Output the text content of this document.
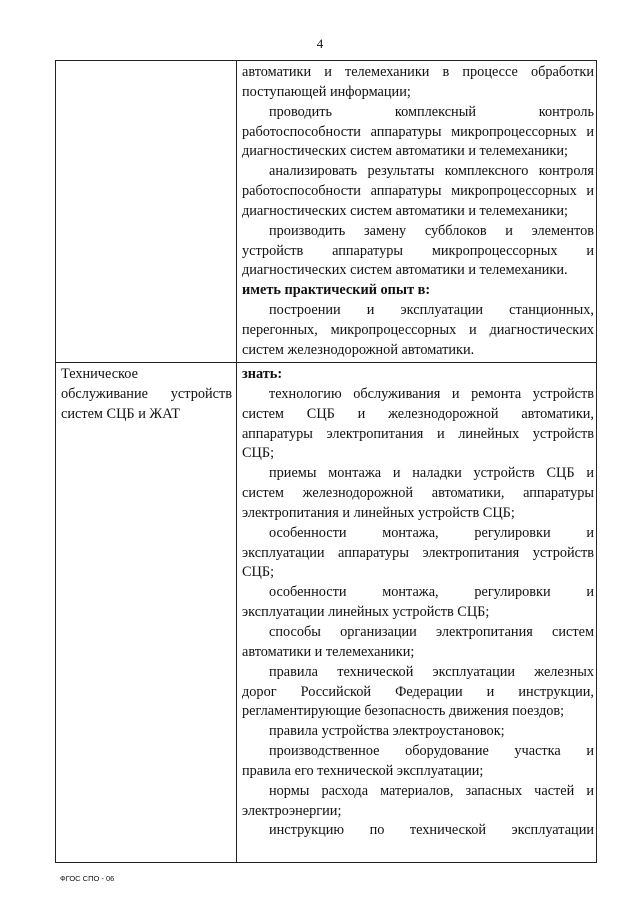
4
автоматики и телемеханики в процессе обработки
поступающей информации;
проводить комплексный контроль
работоспособности аппаратуры микропроцессорных и
диагностических систем автоматики и телемеханики;
анализировать результаты комплексного контроля
работоспособности аппаратуры микропроцессорных и
диагностических систем автоматики и телемеханики;
производить замену субблоков и элементов
устройств аппаратуры микропроцессорных и
диагностических систем автоматики и телемеханики.
иметь практический опыт в:
построении и эксплуатации станционных,
перегонных, микропроцессорных и диагностических
систем железнодорожной автоматики.
Техническое
обслуживание устройств
систем СЦБ и ЖАТ
знать:
технологию обслуживания и ремонта устройств
систем СЦБ и железнодорожной автоматики,
аппаратуры электропитания и линейных устройств
СЦБ;
приемы монтажа и наладки устройств СЦБ и
систем железнодорожной автоматики, аппаратуры
электропитания и линейных устройств СЦБ;
особенности монтажа, регулировки и
эксплуатации аппаратуры электропитания устройств
СЦБ;
особенности монтажа, регулировки и
эксплуатации линейных устройств СЦБ;
способы организации электропитания систем
автоматики и телемеханики;
правила технической эксплуатации железных
дорог Российской Федерации и инструкции,
регламентирующие безопасность движения поездов;
правила устройства электроустановок;
производственное оборудование участка и
правила его технической эксплуатации;
нормы расхода материалов, запасных частей и
электроэнергии;
инструкцию по технической эксплуатации
ФГОС СПО - 06
